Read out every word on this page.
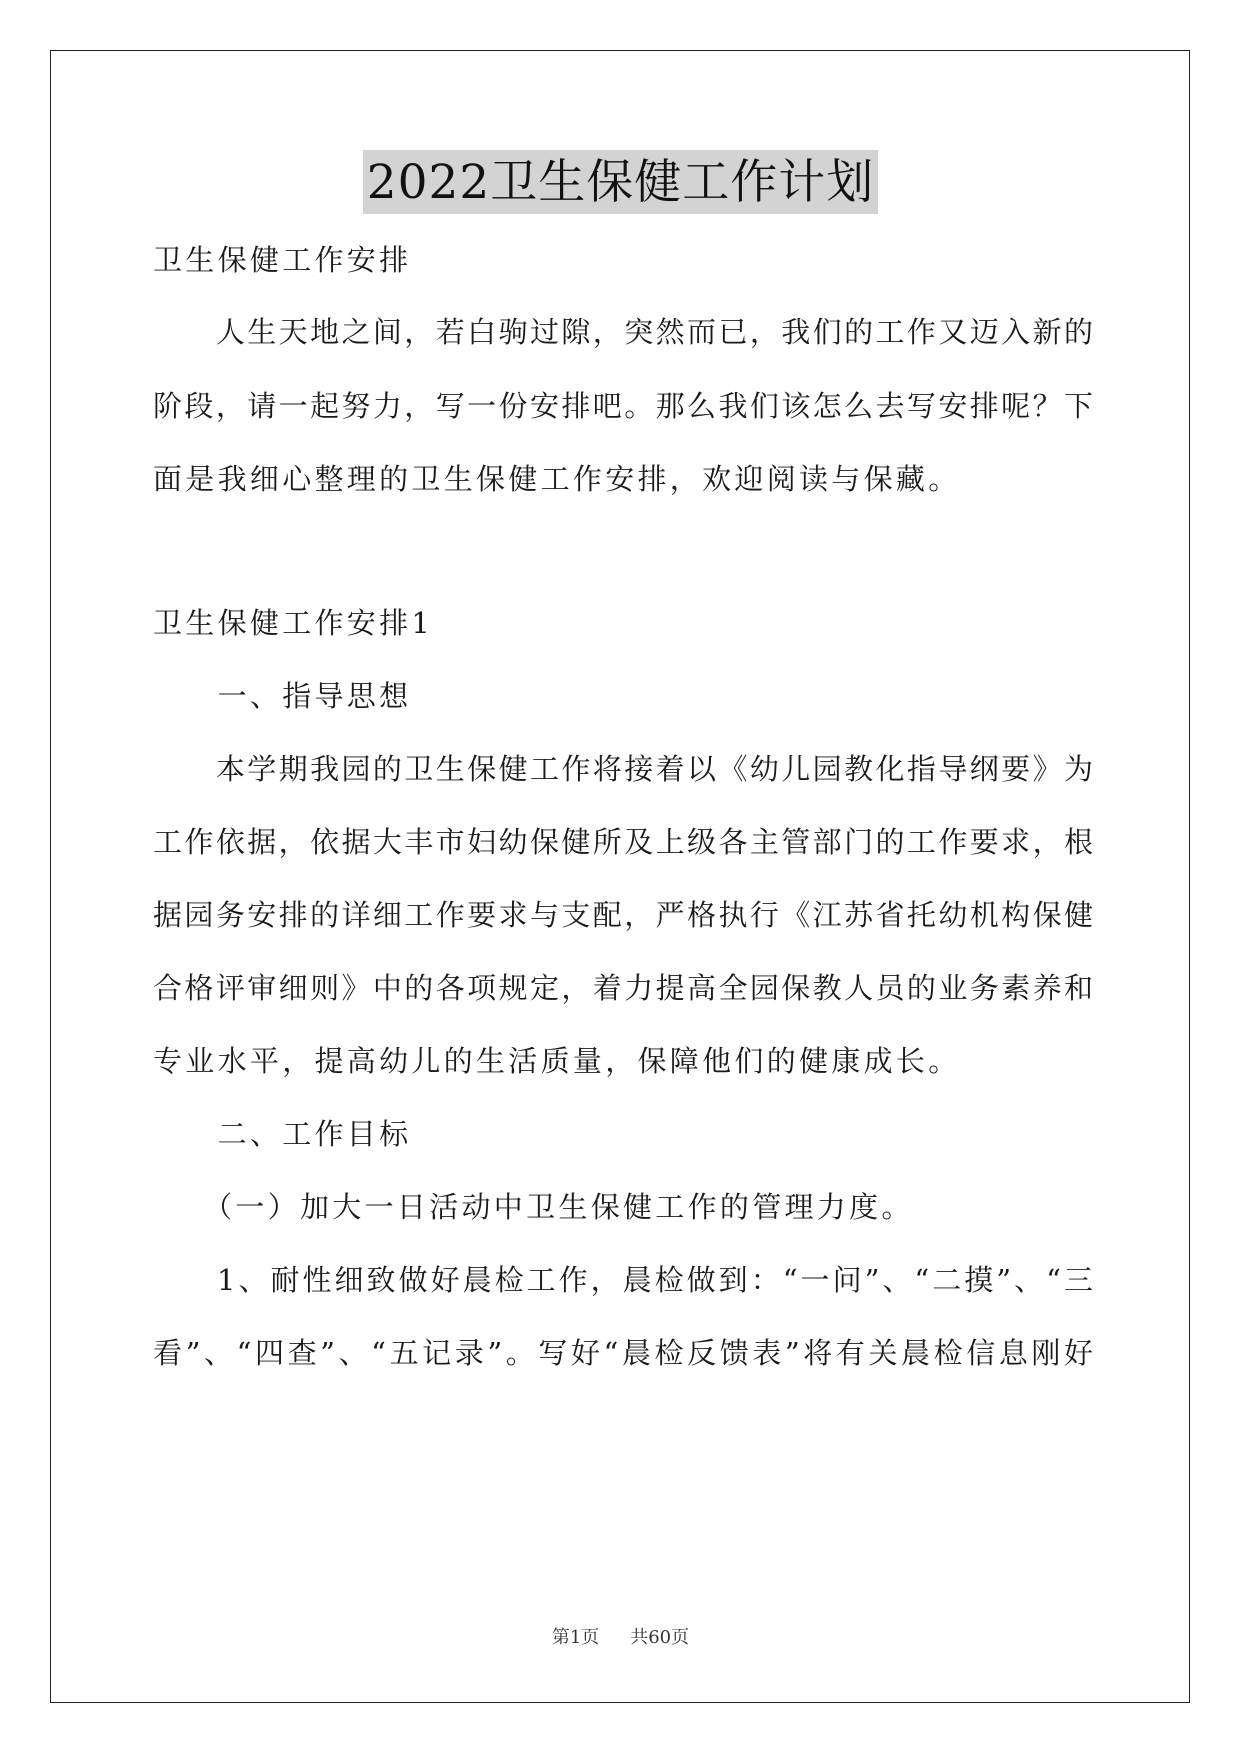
2022卫生保健工作计划
卫生保健工作安排
　　人生天地之间，若白驹过隙，突然而已，我们的工作又迈入新的
阶段，请一起努力，写一份安排吧。那么我们该怎么去写安排呢？下
面是我细心整理的卫生保健工作安排，欢迎阅读与保藏。
卫生保健工作安排1
　　一、指导思想
　　本学期我园的卫生保健工作将接着以《幼儿园教化指导纲要》为
工作依据，依据大丰市妇幼保健所及上级各主管部门的工作要求，根
据园务安排的详细工作要求与支配，严格执行《江苏省托幼机构保健
合格评审细则》中的各项规定，着力提高全园保教人员的业务素养和
专业水平，提高幼儿的生活质量，保障他们的健康成长。
　　二、工作目标
　　（一）加大一日活动中卫生保健工作的管理力度。
　　1、耐性细致做好晨检工作，晨检做到：“一问”、“二摸”、“三
看”、“四查”、“五记录”。写好“晨检反馈表”将有关晨检信息刚好
第1页 共60页
